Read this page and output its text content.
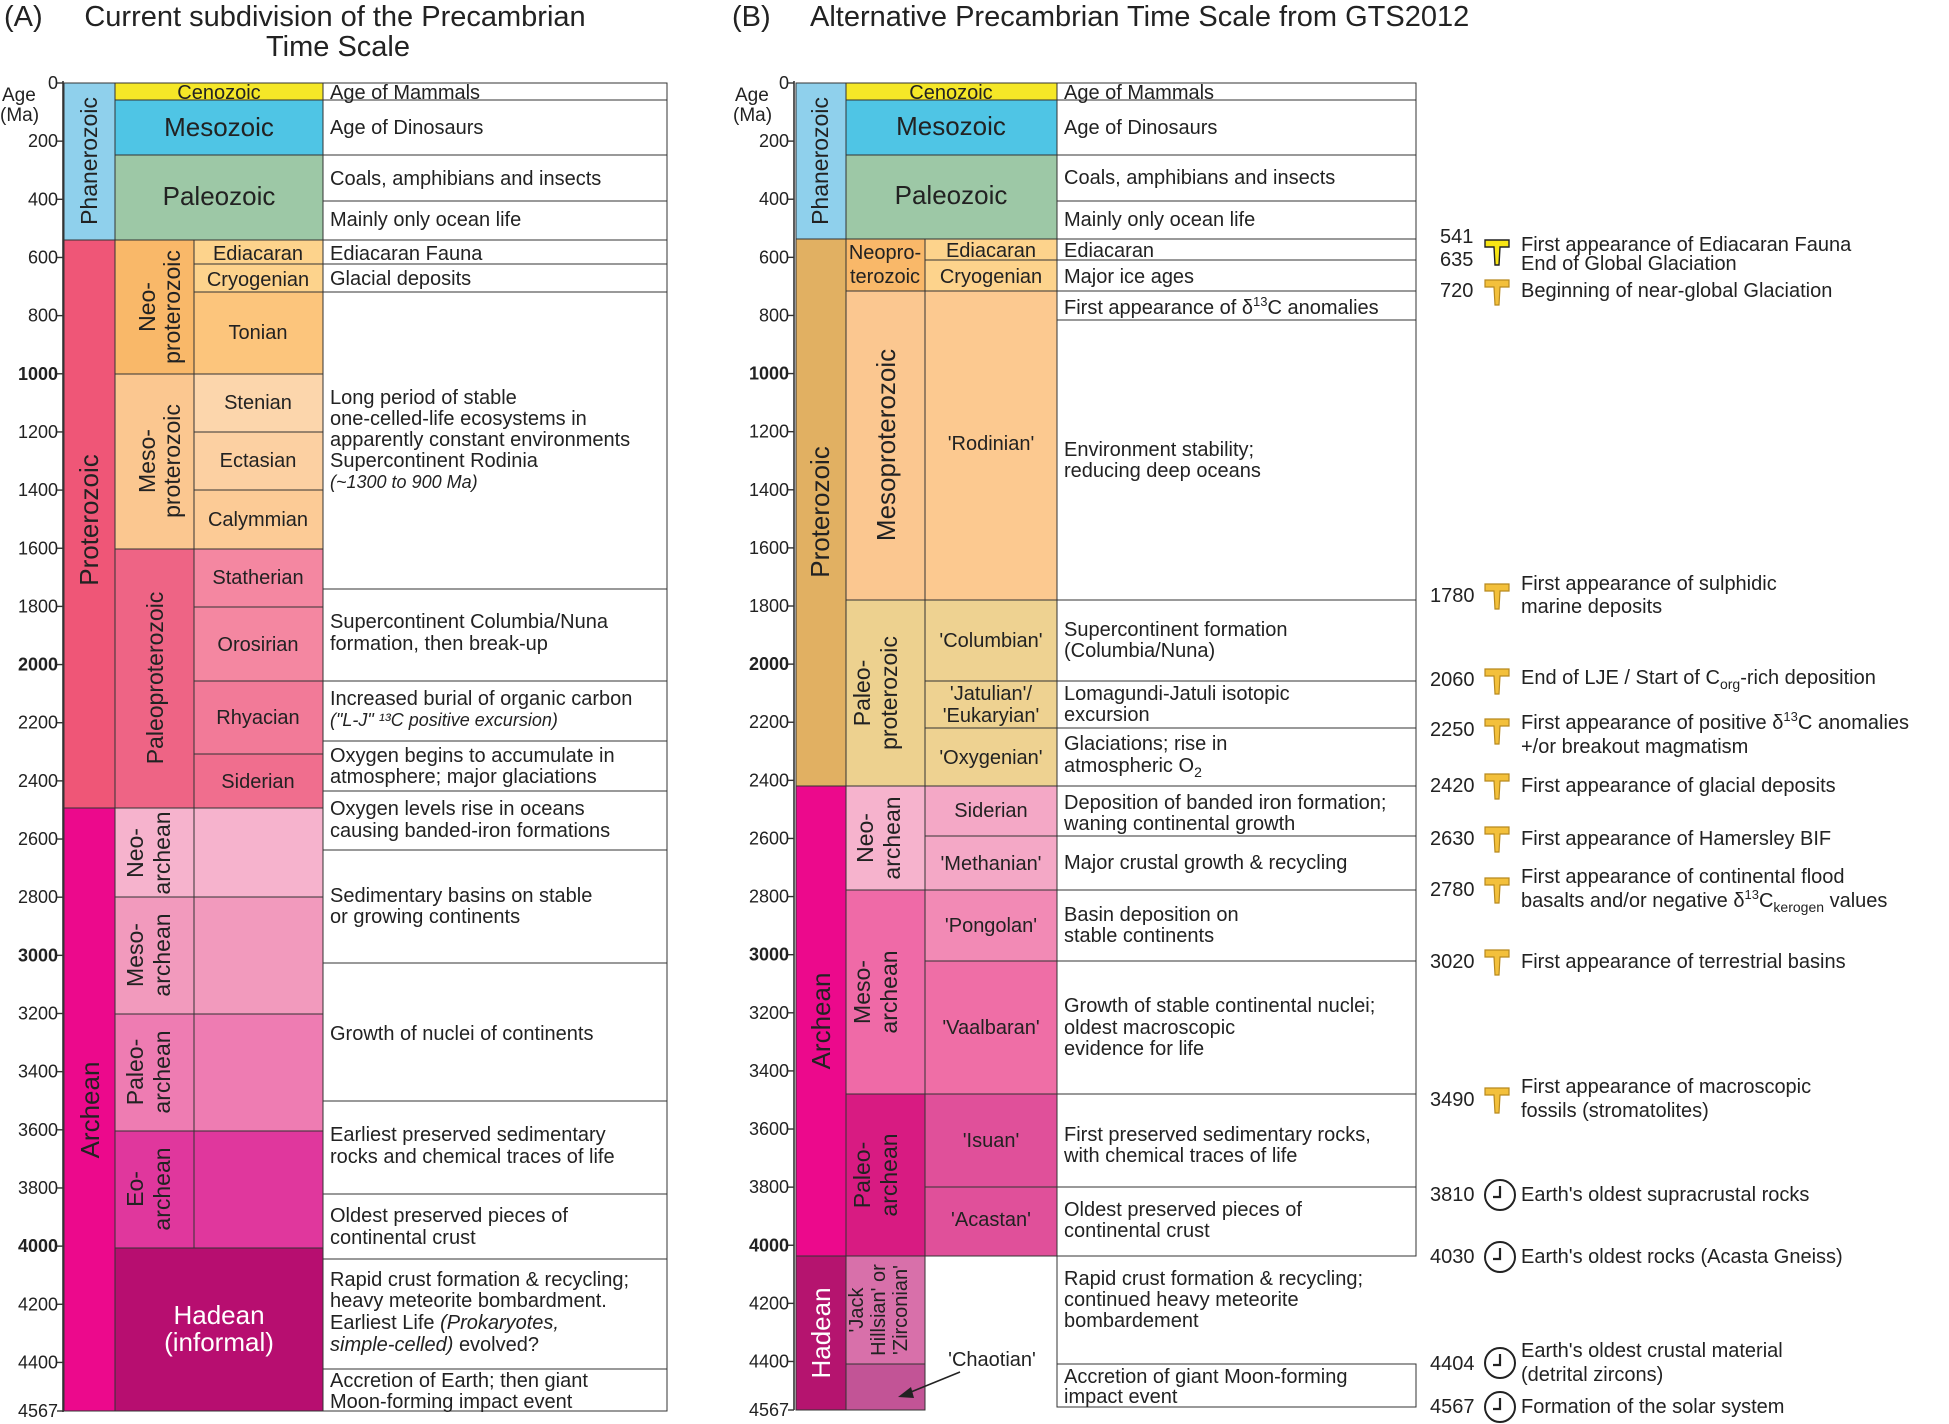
(A) Current subdivision of the Precambrian
Time Scale
(B) Alternative Precambrian Time Scale from GTS2012
Age
(Ma)
0
200
400
600
800
1000
1200
1400
1600
1800
2000
2200
2400
2600
2800
3000
3200
3400
3600
3800
4000
4200
4400
4567
Age
(Ma)
0
200
400
600
800
1000
1200
1400
1600
1800
2000
2200
2400
2600
2800
3000
3200
3400
3600
3800
4000
4200
4400
4567
Phanerozoic
Proterozoic
Archean
Cenozoic
Mesozoic
Paleozoic
Neo- proterozoic
Meso- proterozoic
Paleoproterozoic
Ediacaran
Cryogenian
Tonian
Stenian
Ectasian
Calymmian
Statherian
Orosirian
Rhyacian
Siderian
Neo- archean
Meso- archean
Paleo- archean
Eo- archean
Hadean
(informal)
Age of Mammals
Age of Dinosaurs
Coals, amphibians and insects
Mainly only ocean life
Ediacaran Fauna
Glacial deposits
Long period of stable
one-celled-life ecosystems in
apparently constant environments
Supercontinent Rodinia
(~1300 to 900 Ma)
Supercontinent Columbia/Nuna
formation, then break-up
Increased burial of organic carbon
("L-J" ¹³C positive excursion)
Oxygen begins to accumulate in
atmosphere; major glaciations
Oxygen levels rise in oceans
causing banded-iron formations
Sedimentary basins on stable
or growing continents
Growth of nuclei of continents
Earliest preserved sedimentary
rocks and chemical traces of life
Oldest preserved pieces of
continental crust
Rapid crust formation & recycling;
heavy meteorite bombardment.
Earliest Life (Prokaryotes,
simple-celled) evolved?
Accretion of Earth; then giant
Moon-forming impact event
Phanerozoic
Proterozoic
Archean
Hadean
Cenozoic
Mesozoic
Paleozoic
Neopro-
terozoic
Ediacaran
Cryogenian
Mesoproterozoic 'Rodinian'
Paleo- proterozoic 'Columbian'
'Jatulian'/
'Eukaryian'
'Oxygenian'
Neo- archean Siderian
'Methanian'
Meso- archean
'Pongolan'
'Vaalbaran'
Paleo- archean	'Isuan'
'Acastan'
'Jack Hillsian' or 'Zirconian'
'Chaotian'
Age of Mammals
Age of Dinosaurs
Coals, amphibians and insects
Mainly only ocean life
Ediacaran
Major ice ages
First appearance of $\delta^{13}C$ anomalies
Environment stability;
reducing deep oceans
Supercontinent formation
(Columbia/Nuna)
Lomagundi-Jatuli isotopic
excursion
Glaciations; rise in
atmospheric $O_2$
Deposition of banded iron formation;
waning continental growth
Major crustal growth & recycling
Basin deposition on
stable continents
Growth of stable continental nuclei;
oldest macroscopic
evidence for life
First preserved sedimentary rocks,
with chemical traces of life
Oldest preserved pieces of
continental crust
Rapid crust formation & recycling;
continued heavy meteorite
bombardement
Accretion of giant Moon-forming
impact event
541 First appearance of Ediacaran Fauna
635 End of Global Glaciation
720 Beginning of near-global Glaciation
1780
First appearance of sulphidic
marine deposits
2060 End of LJE / Start of $C_{org}$-rich deposition
2250 First appearance of positive $\delta^{13}C$ anomalies
+/or breakout magmatism
2420 First appearance of glacial deposits
2630 First appearance of Hamersley BIF
2780
First appearance of continental flood
basalts and/or negative $\delta^{13}C_{kerogen}$ values
3020 First appearance of terrestrial basins
3490
First appearance of macroscopic
fossils (stromatolites)
3810 Earth's oldest supracrustal rocks
4030 Earth's oldest rocks (Acasta Gneiss)
4404
Earth's oldest crustal material
(detrital zircons)
4567 Formation of the solar system
